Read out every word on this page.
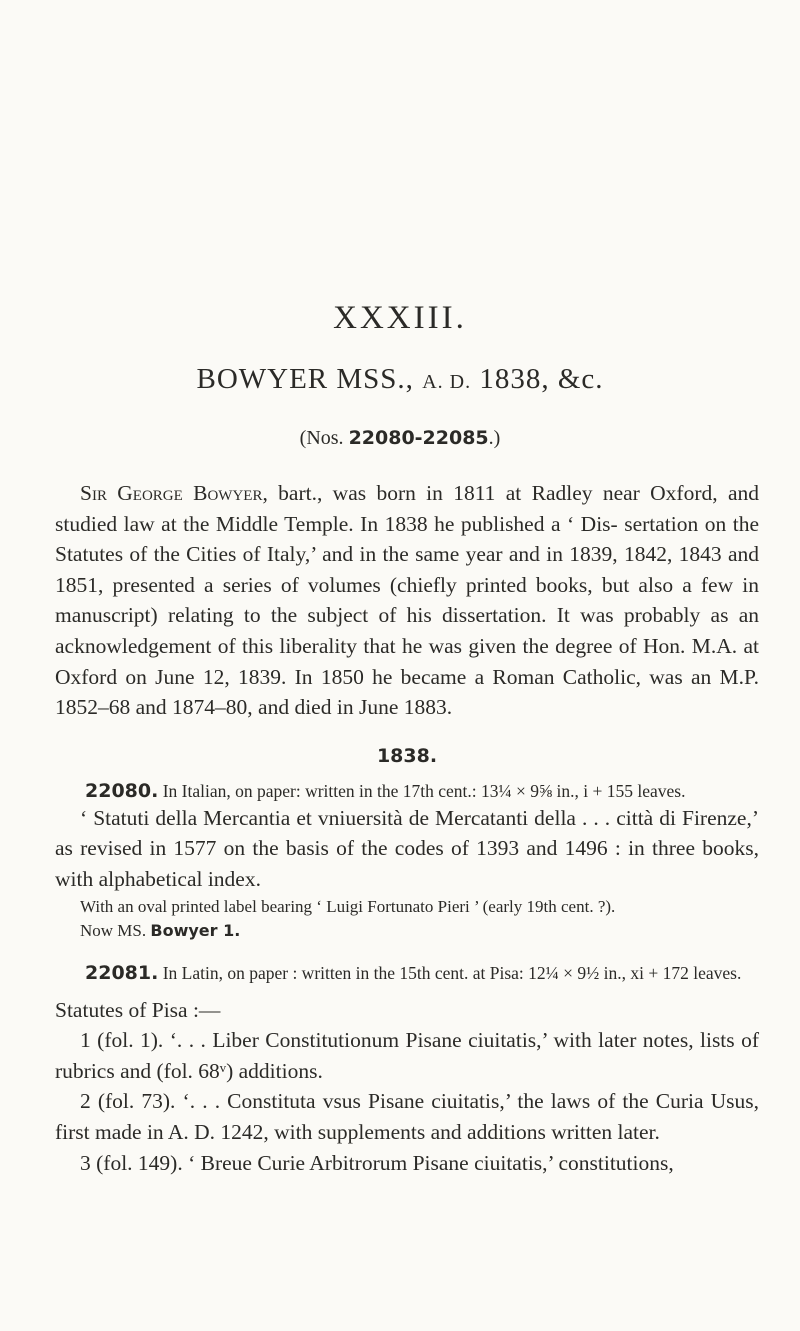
XXXIII.
BOWYER MSS., A. D. 1838, &c.
(Nos. 22080-22085.)

Sir George Bowyer, bart., was born in 1811 at Radley near Oxford, and studied law at the Middle Temple. In 1838 he published a ‘ Dis- sertation on the Statutes of the Cities of Italy,’ and in the same year and in 1839, 1842, 1843 and 1851, presented a series of volumes (chiefly printed books, but also a few in manuscript) relating to the subject of his dissertation. It was probably as an acknowledgement of this liberality that he was given the degree of Hon. M.A. at Oxford on June 12, 1839. In 1850 he became a Roman Catholic, was an M.P. 1852–68 and 1874–80, and died in June 1883.

1838.

22080. In Italian, on paper: written in the 17th cent.: 13¼ × 9⅝ in., i + 155 leaves.

‘ Statuti della Mercantia et vniuersità de Mercatanti della . . . città di Firenze,’ as revised in 1577 on the basis of the codes of 1393 and 1496 : in three books, with alphabetical index.

With an oval printed label bearing ‘ Luigi Fortunato Pieri ’ (early 19th cent. ?).

Now MS. Bowyer 1.

22081. In Latin, on paper : written in the 15th cent. at Pisa: 12¼ × 9½ in., xi + 172 leaves.

Statutes of Pisa :—

1 (fol. 1). ‘. . . Liber Constitutionum Pisane ciuitatis,’ with later notes, lists of rubrics and (fol. 68ᵛ) additions.

2 (fol. 73). ‘. . . Constituta vsus Pisane ciuitatis,’ the laws of the Curia Usus, first made in A. D. 1242, with supplements and additions written later.

3 (fol. 149). ‘ Breue Curie Arbitrorum Pisane ciuitatis,’ constitutions,
